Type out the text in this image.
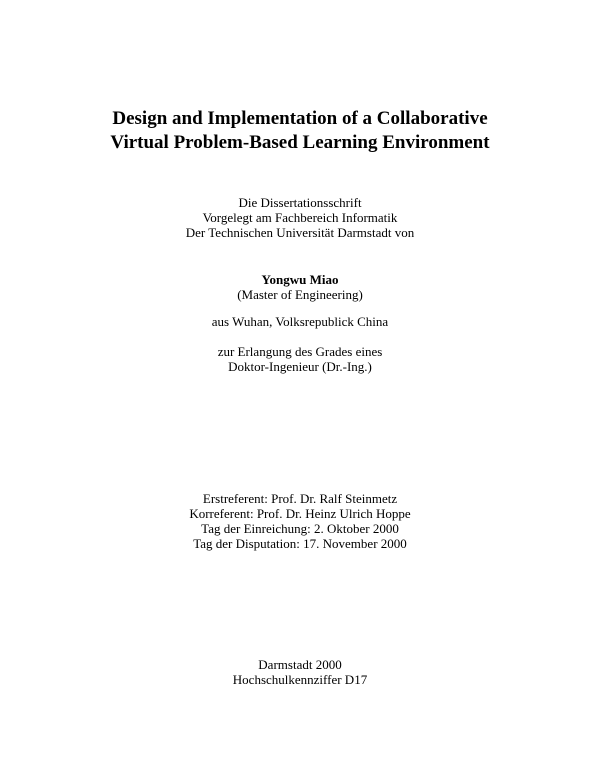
Design and Implementation of a Collaborative
Virtual Problem-Based Learning Environment
Die Dissertationsschrift
Vorgelegt am Fachbereich Informatik
Der Technischen Universität Darmstadt von
Yongwu Miao
(Master of Engineering)
aus Wuhan, Volksrepublick China
zur Erlangung des Grades eines
Doktor-Ingenieur (Dr.-Ing.)
Erstreferent: Prof. Dr. Ralf Steinmetz
Korreferent: Prof. Dr. Heinz Ulrich Hoppe
Tag der Einreichung: 2. Oktober 2000
Tag der Disputation: 17. November 2000
Darmstadt 2000
Hochschulkennziffer D17
